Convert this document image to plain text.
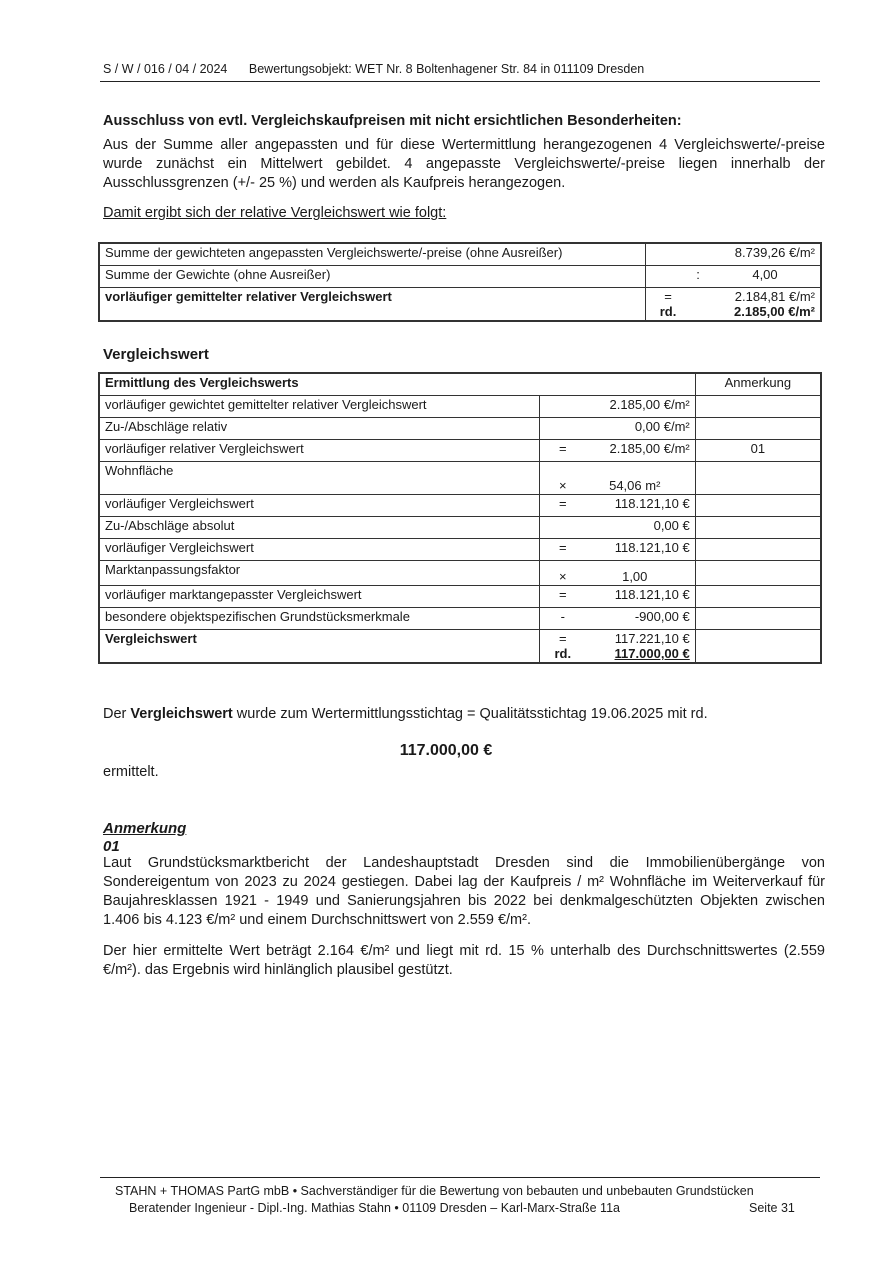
S / W / 016 / 04 / 2024 Bewertungsobjekt: WET Nr. 8 Boltenhagener Str. 84 in 011109 Dresden
Ausschluss von evtl. Vergleichskaufpreisen mit nicht ersichtlichen Besonderheiten:
Aus der Summe aller angepassten und für diese Wertermittlung herangezogenen 4 Vergleichswerte/-preise wurde zunächst ein Mittelwert gebildet. 4 angepasste Vergleichswerte/-preise liegen innerhalb der Ausschlussgrenzen (+/- 25 %) und werden als Kaufpreis herangezogen.
Damit ergibt sich der relative Vergleichswert wie folgt:
Summe der gewichteten angepassten Vergleichswerte/-preise (ohne Ausreißer)	8.739,26 €/m²
Summe der Gewichte (ohne Ausreißer)	: 4,00
vorläufiger gemittelter relativer Vergleichswert	= 2.184,81 €/m²
rd. 2.185,00 €/m²
Vergleichswert
Ermittlung des Vergleichswerts		Anmerkung
vorläufiger gewichtet gemittelter relativer Vergleichswert	2.185,00 €/m²	
Zu-/Abschläge relativ	0,00 €/m²	
vorläufiger relativer Vergleichswert	= 2.185,00 €/m²	01
Wohnfläche	× 54,06 m²	
vorläufiger Vergleichswert	= 118.121,10 €	
Zu-/Abschläge absolut	0,00 €	
vorläufiger Vergleichswert	= 118.121,10 €	
Marktanpassungsfaktor	× 1,00	
vorläufiger marktangepasster Vergleichswert	= 118.121,10 €	
besondere objektspezifischen Grundstücksmerkmale	- -900,00 €	
Vergleichswert	= 117.221,10 €
rd. 117.000,00 €	

Der Vergleichswert wurde zum Wertermittlungsstichtag = Qualitätsstichtag 19.06.2025 mit rd.
117.000,00 €
ermittelt.
Anmerkung
01
Laut Grundstücksmarktbericht der Landeshauptstadt Dresden sind die Immobilienübergänge von Sondereigentum von 2023 zu 2024 gestiegen. Dabei lag der Kaufpreis / m² Wohnfläche im Weiterverkauf für Baujahresklassen 1921 - 1949 und Sanierungsjahren bis 2022 bei denkmalgeschützten Objekten zwischen 1.406 bis 4.123 €/m² und einem Durchschnittswert von 2.559 €/m².
Der hier ermittelte Wert beträgt 2.164 €/m² und liegt mit rd. 15 % unterhalb des Durchschnittswertes (2.559 €/m²). das Ergebnis wird hinlänglich plausibel gestützt.
STAHN + THOMAS PartG mbB • Sachverständiger für die Bewertung von bebauten und unbebauten Grundstücken
Beratender Ingenieur - Dipl.-Ing. Mathias Stahn • 01109 Dresden – Karl-Marx-Straße 11a	Seite 31
